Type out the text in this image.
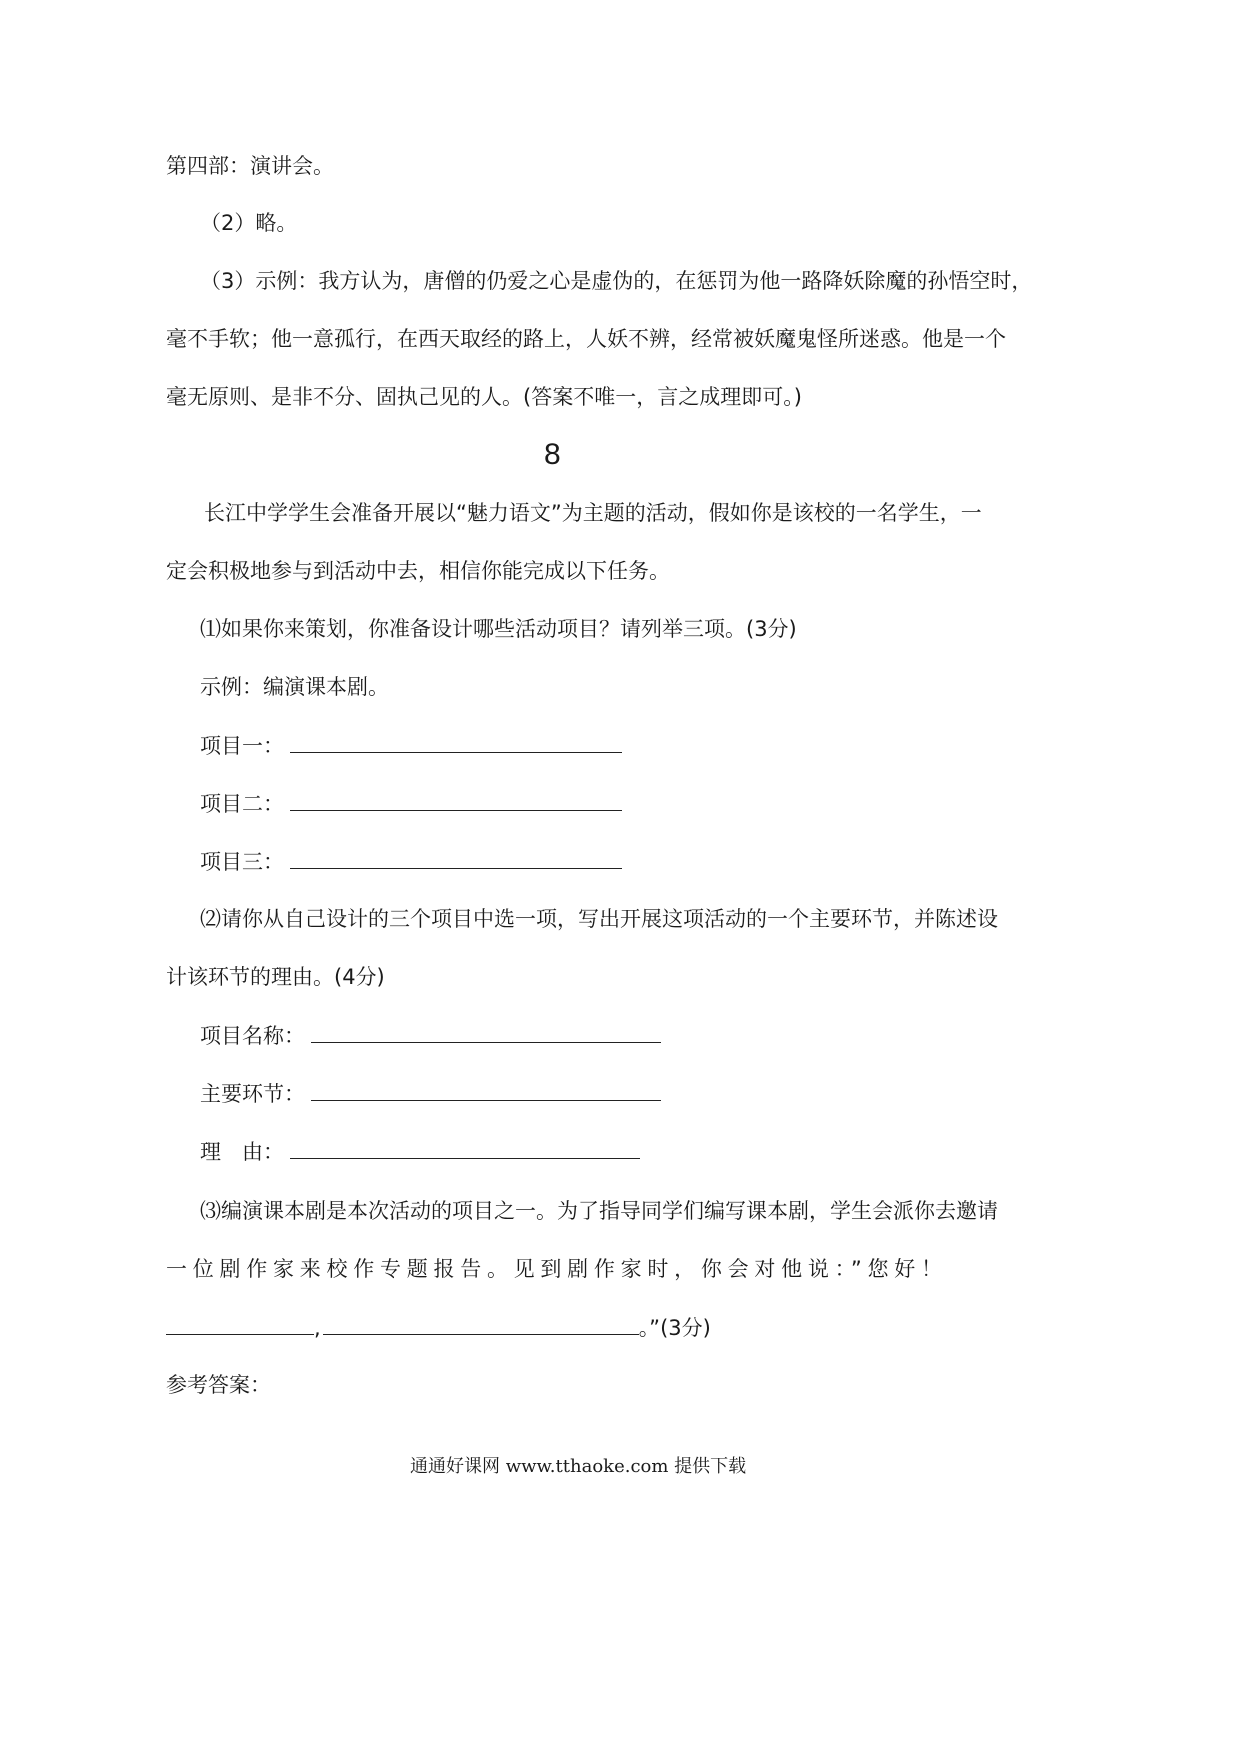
第四部：演讲会。
（2）略。
（3）示例：我方认为，唐僧的仍爱之心是虚伪的，在惩罚为他一路降妖除魔的孙悟空时，
毫不手软；他一意孤行，在西天取经的路上，人妖不辨，经常被妖魔鬼怪所迷惑。他是一个
毫无原则、是非不分、固执己见的人。(答案不唯一，言之成理即可。)
8
长江中学学生会准备开展以“魅力语文”为主题的活动，假如你是该校的一名学生，一
定会积极地参与到活动中去，相信你能完成以下任务。
⑴如果你来策划，你准备设计哪些活动项目？请列举三项。(3分)
示例：编演课本剧。
项目一：
项目二：
项目三：
⑵请你从自己设计的三个项目中选一项，写出开展这项活动的一个主要环节，并陈述设
计该环节的理由。(4分)
项目名称：
主要环节：
理　由：
⑶编演课本剧是本次活动的项目之一。为了指导同学们编写课本剧，学生会派你去邀请
一位剧作家来校作专题报告。见到剧作家时，你会对他说：”您好！
,	。”(3分)
参考答案：
通通好课网 www.tthaoke.com 提供下载
